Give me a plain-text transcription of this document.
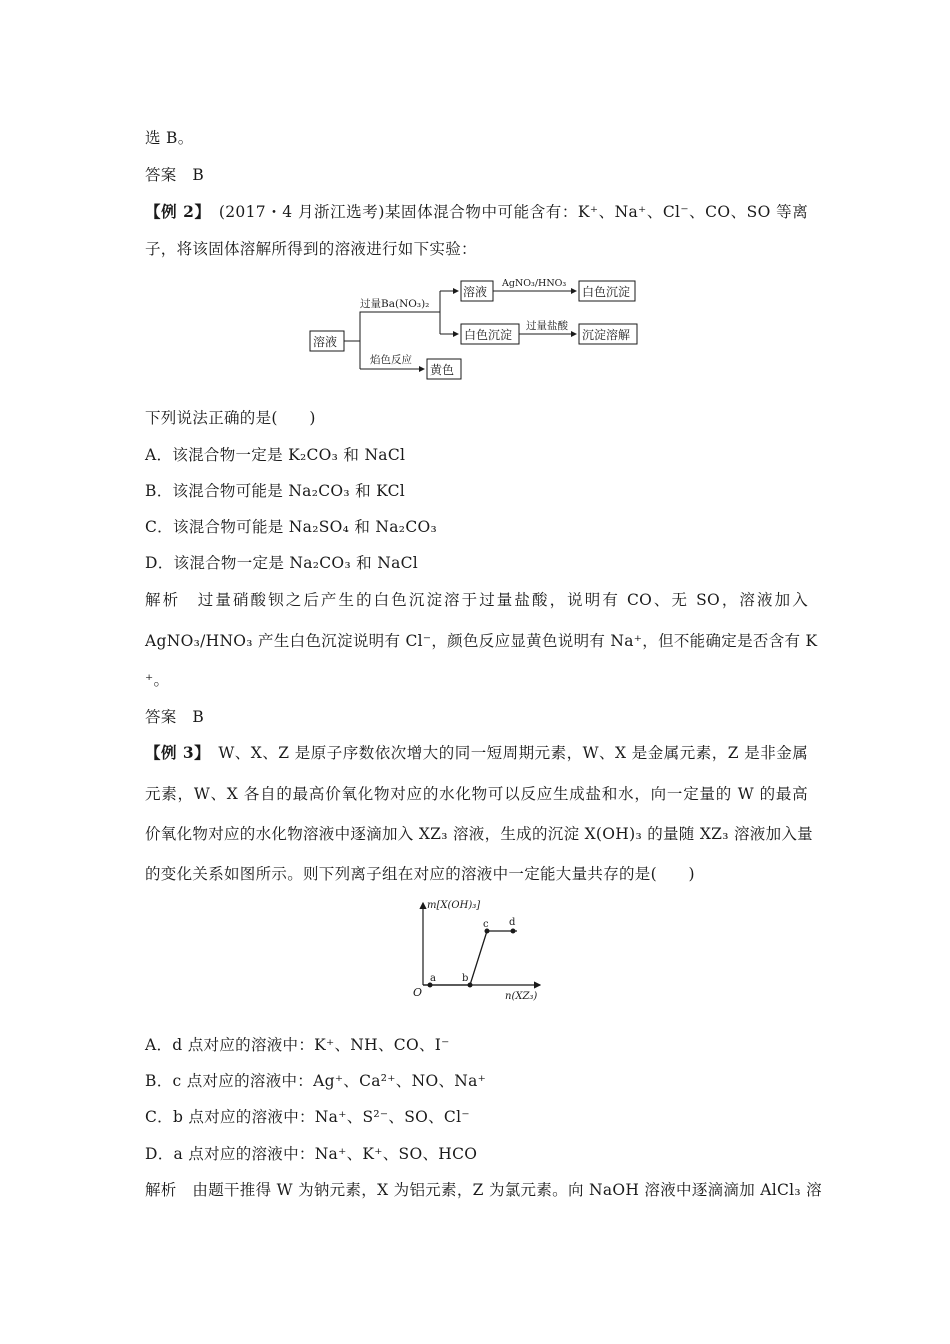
选 B。
答案　B
【例 2】　(2017・4 月浙江选考)某固体混合物中可能含有：K⁺、Na⁺、Cl⁻、CO、SO 等离
子，将该固体溶解所得到的溶液进行如下实验：
溶液
过量Ba(NO₃)₂
溶液
AgNO₃/HNO₃
白色沉淀
白色沉淀
过量盐酸
沉淀溶解
焰色反应
黄色
下列说法正确的是(　　)
A．该混合物一定是 K₂CO₃ 和 NaCl
B．该混合物可能是 Na₂CO₃ 和 KCl
C．该混合物可能是 Na₂SO₄ 和 Na₂CO₃
D．该混合物一定是 Na₂CO₃ 和 NaCl
解析　过量硝酸钡之后产生的白色沉淀溶于过量盐酸，说明有 CO、无 SO，溶液加入
AgNO₃/HNO₃ 产生白色沉淀说明有 Cl⁻，颜色反应显黄色说明有 Na⁺，但不能确定是否含有 K
⁺。
答案　B
【例 3】　W、X、Z 是原子序数依次增大的同一短周期元素，W、X 是金属元素，Z 是非金属
元素，W、X 各自的最高价氧化物对应的水化物可以反应生成盐和水，向一定量的 W 的最高
价氧化物对应的水化物溶液中逐滴加入 XZ₃ 溶液，生成的沉淀 X(OH)₃ 的量随 XZ₃ 溶液加入量
的变化关系如图所示。则下列离子组在对应的溶液中一定能大量共存的是(　　)
m[X(OH)₃]
n(XZ₃)
O
a	b
c d
A．d 点对应的溶液中：K⁺、NH、CO、I⁻
B．c 点对应的溶液中：Ag⁺、Ca²⁺、NO、Na⁺
C．b 点对应的溶液中：Na⁺、S²⁻、SO、Cl⁻
D．a 点对应的溶液中：Na⁺、K⁺、SO、HCO
解析　由题干推得 W 为钠元素，X 为铝元素，Z 为氯元素。向 NaOH 溶液中逐滴滴加 AlCl₃ 溶
